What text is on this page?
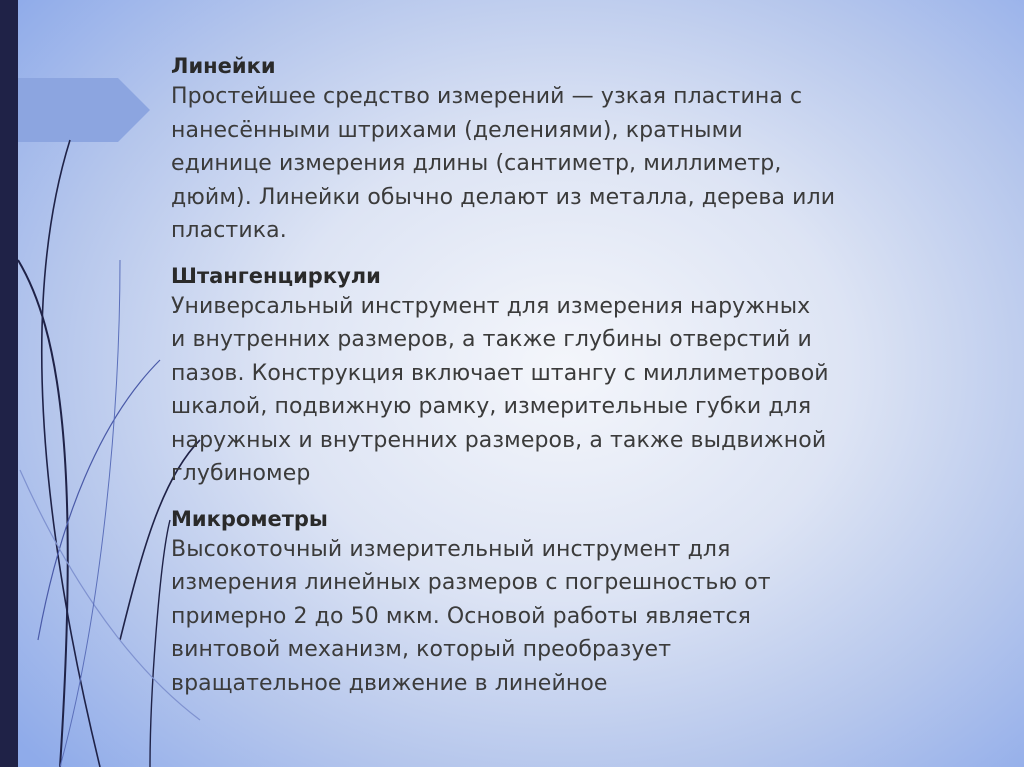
Линейки

Простейшее средство измерений — узкая пластина с
нанесёнными штрихами (делениями), кратными
единице измерения длины (сантиметр, миллиметр,
дюйм). Линейки обычно делают из металла, дерева или
пластика.

Штангенциркули

Универсальный инструмент для измерения наружных
и внутренних размеров, а также глубины отверстий и
пазов. Конструкция включает штангу с миллиметровой
шкалой, подвижную рамку, измерительные губки для
наружных и внутренних размеров, а также выдвижной
глубиномер

Микрометры

Высокоточный измерительный инструмент для
измерения линейных размеров с погрешностью от
примерно 2 до 50 мкм. Основой работы является
винтовой механизм, который преобразует
вращательное движение в линейное
